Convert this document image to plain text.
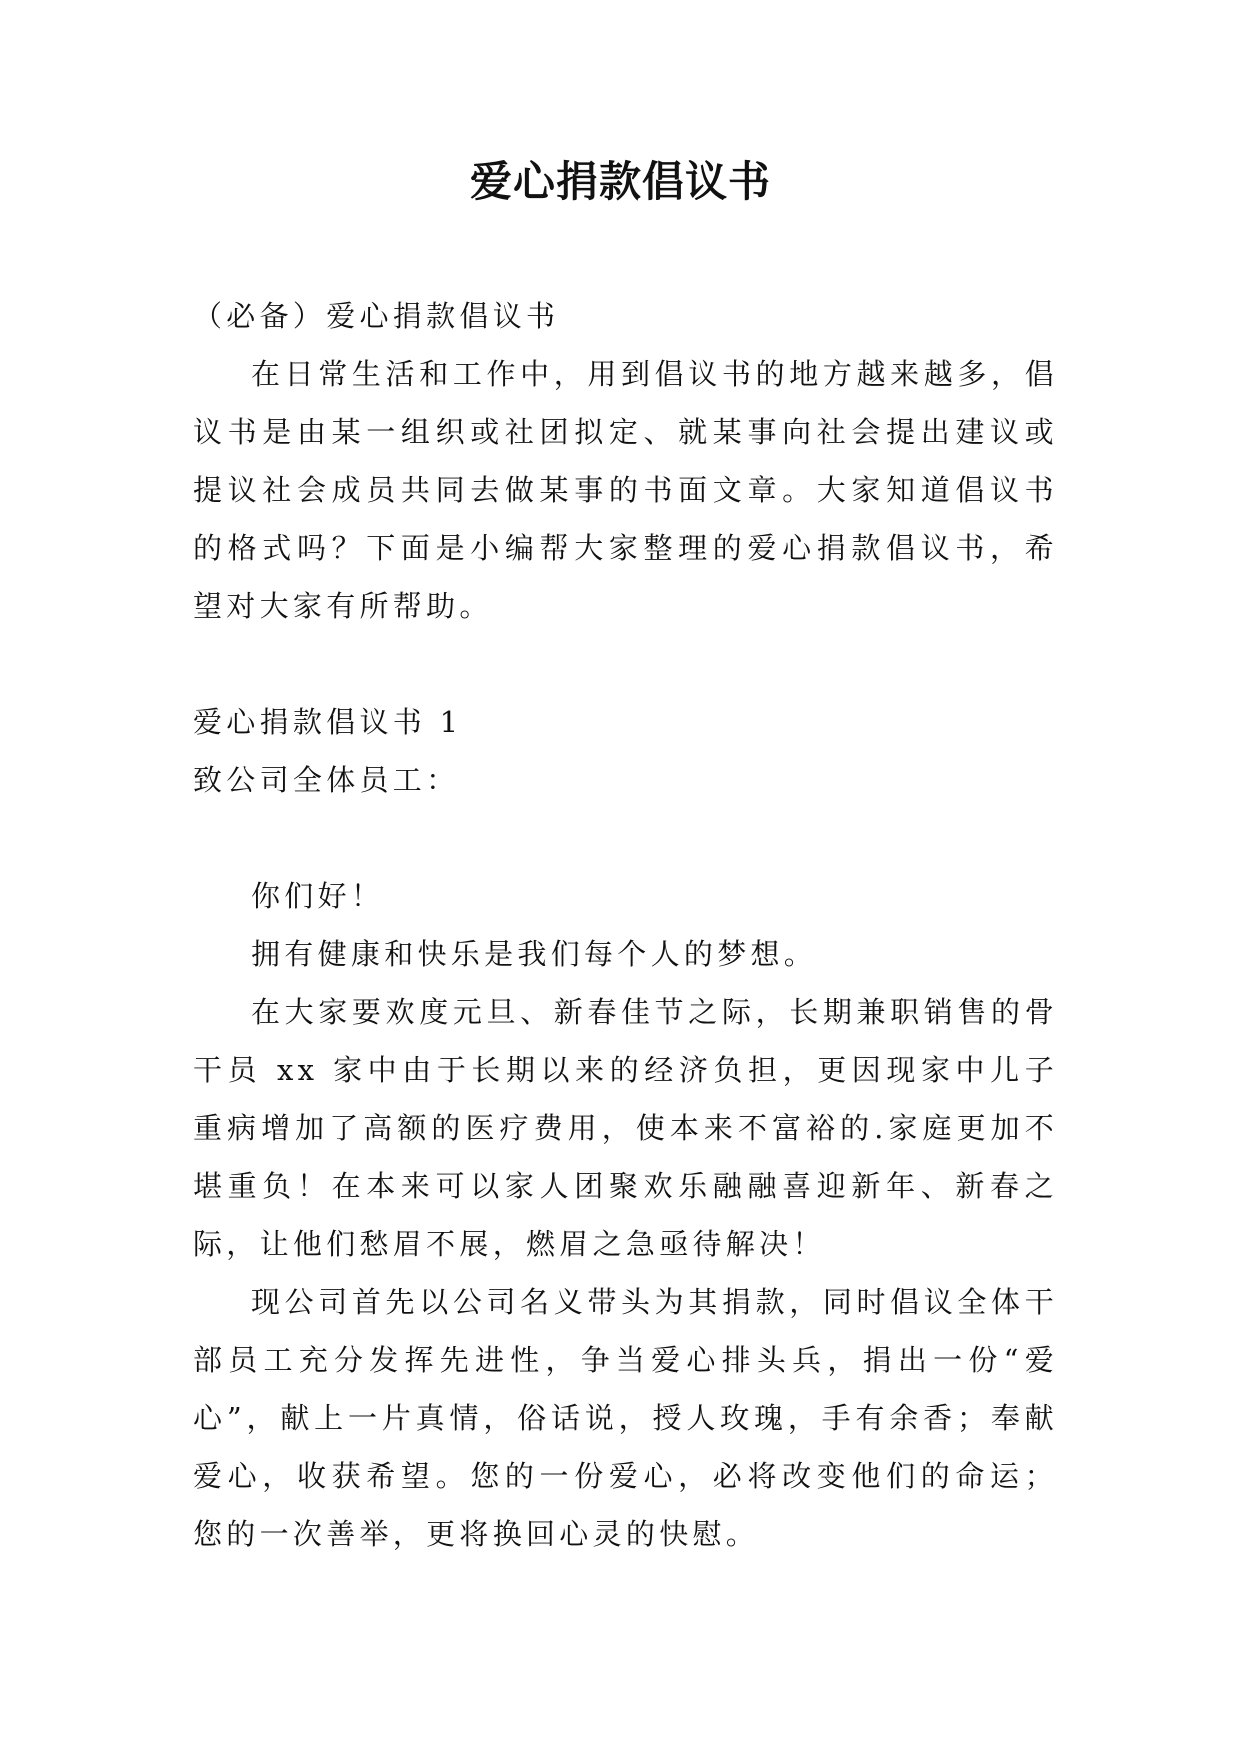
爱心捐款倡议书

（必备）爱心捐款倡议书

在日常生活和工作中，用到倡议书的地方越来越多，倡议书是由某一组织或社团拟定、就某事向社会提出建议或提议社会成员共同去做某事的书面文章。大家知道倡议书的格式吗？下面是小编帮大家整理的爱心捐款倡议书，希望对大家有所帮助。

爱心捐款倡议书 1

致公司全体员工：

你们好！

拥有健康和快乐是我们每个人的梦想。

在大家要欢度元旦、新春佳节之际，长期兼职销售的骨干员 xx 家中由于长期以来的经济负担，更因现家中儿子重病增加了高额的医疗费用，使本来不富裕的.家庭更加不堪重负！在本来可以家人团聚欢乐融融喜迎新年、新春之际，让他们愁眉不展，燃眉之急亟待解决！

现公司首先以公司名义带头为其捐款，同时倡议全体干部员工充分发挥先进性，争当爱心排头兵，捐出一份“爱心”，献上一片真情，俗话说，授人玫瑰，手有余香；奉献爱心，收获希望。您的一份爱心，必将改变他们的命运；您的一次善举，更将换回心灵的快慰。
